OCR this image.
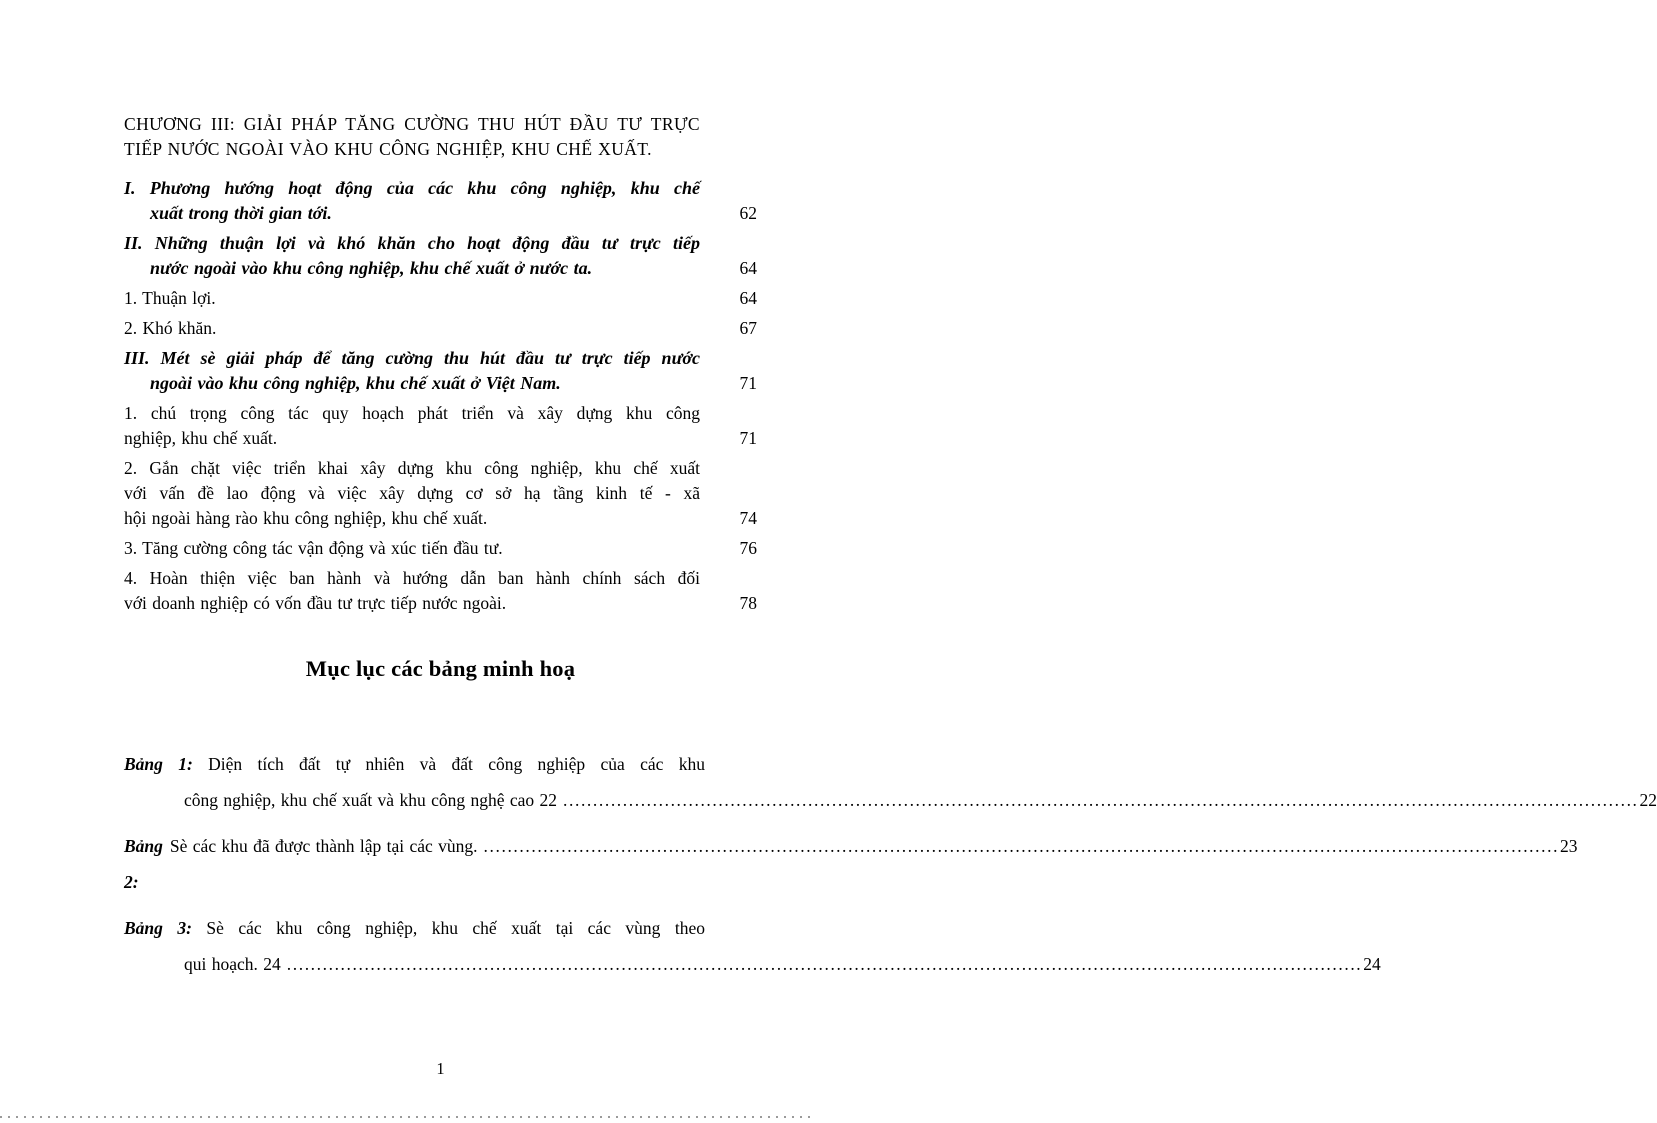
CHƯƠNG III: GIẢI PHÁP TĂNG CƯỜNG THU HÚT ĐẦU TƯ TRỰC
TIẾP NƯỚC NGOÀI VÀO KHU CÔNG NGHIỆP, KHU CHẾ XUẤT.
I. Phương hướng hoạt động của các khu công nghiệp, khu chế
xuất trong thời gian tới.	62
II. Những thuận lợi và khó khăn cho hoạt động đầu tư trực tiếp
nước ngoài vào khu công nghiệp, khu chế xuất ở nước ta.	64
1. Thuận lợi.	64
2. Khó khăn.	67
III. Mét sè giải pháp để tăng cường thu hút đầu tư trực tiếp nước
ngoài vào khu công nghiệp, khu chế xuất ở Việt Nam.	71
1. chú trọng công tác quy hoạch phát triển và xây dựng khu công
nghiệp, khu chế xuất.	71
2. Gắn chặt việc triển khai xây dựng khu công nghiệp, khu chế xuất
với vấn đề lao động và việc xây dựng cơ sở hạ tầng kinh tế - xã
hội ngoài hàng rào khu công nghiệp, khu chế xuất.	74
3. Tăng cường công tác vận động và xúc tiến đầu tư.	76
4. Hoàn thiện việc ban hành và hướng dẫn ban hành chính sách đối
với doanh nghiệp có vốn đầu tư trực tiếp nước ngoài.	78
Mục lục các bảng minh hoạ
Bảng 1: Diện tích đất tự nhiên và đất công nghiệp của các khu
công nghiệp, khu chế xuất và khu công nghệ cao 22 .................................................................................................................................................................................... 22
Bảng 2:
Sè các khu đã được thành lập tại các vùng. .................................................................................................................................................................................... 23
Bảng 3: Sè các khu công nghiệp, khu chế xuất tại các vùng theo
qui hoạch. 24 .................................................................................................................................................................................... 24
1
